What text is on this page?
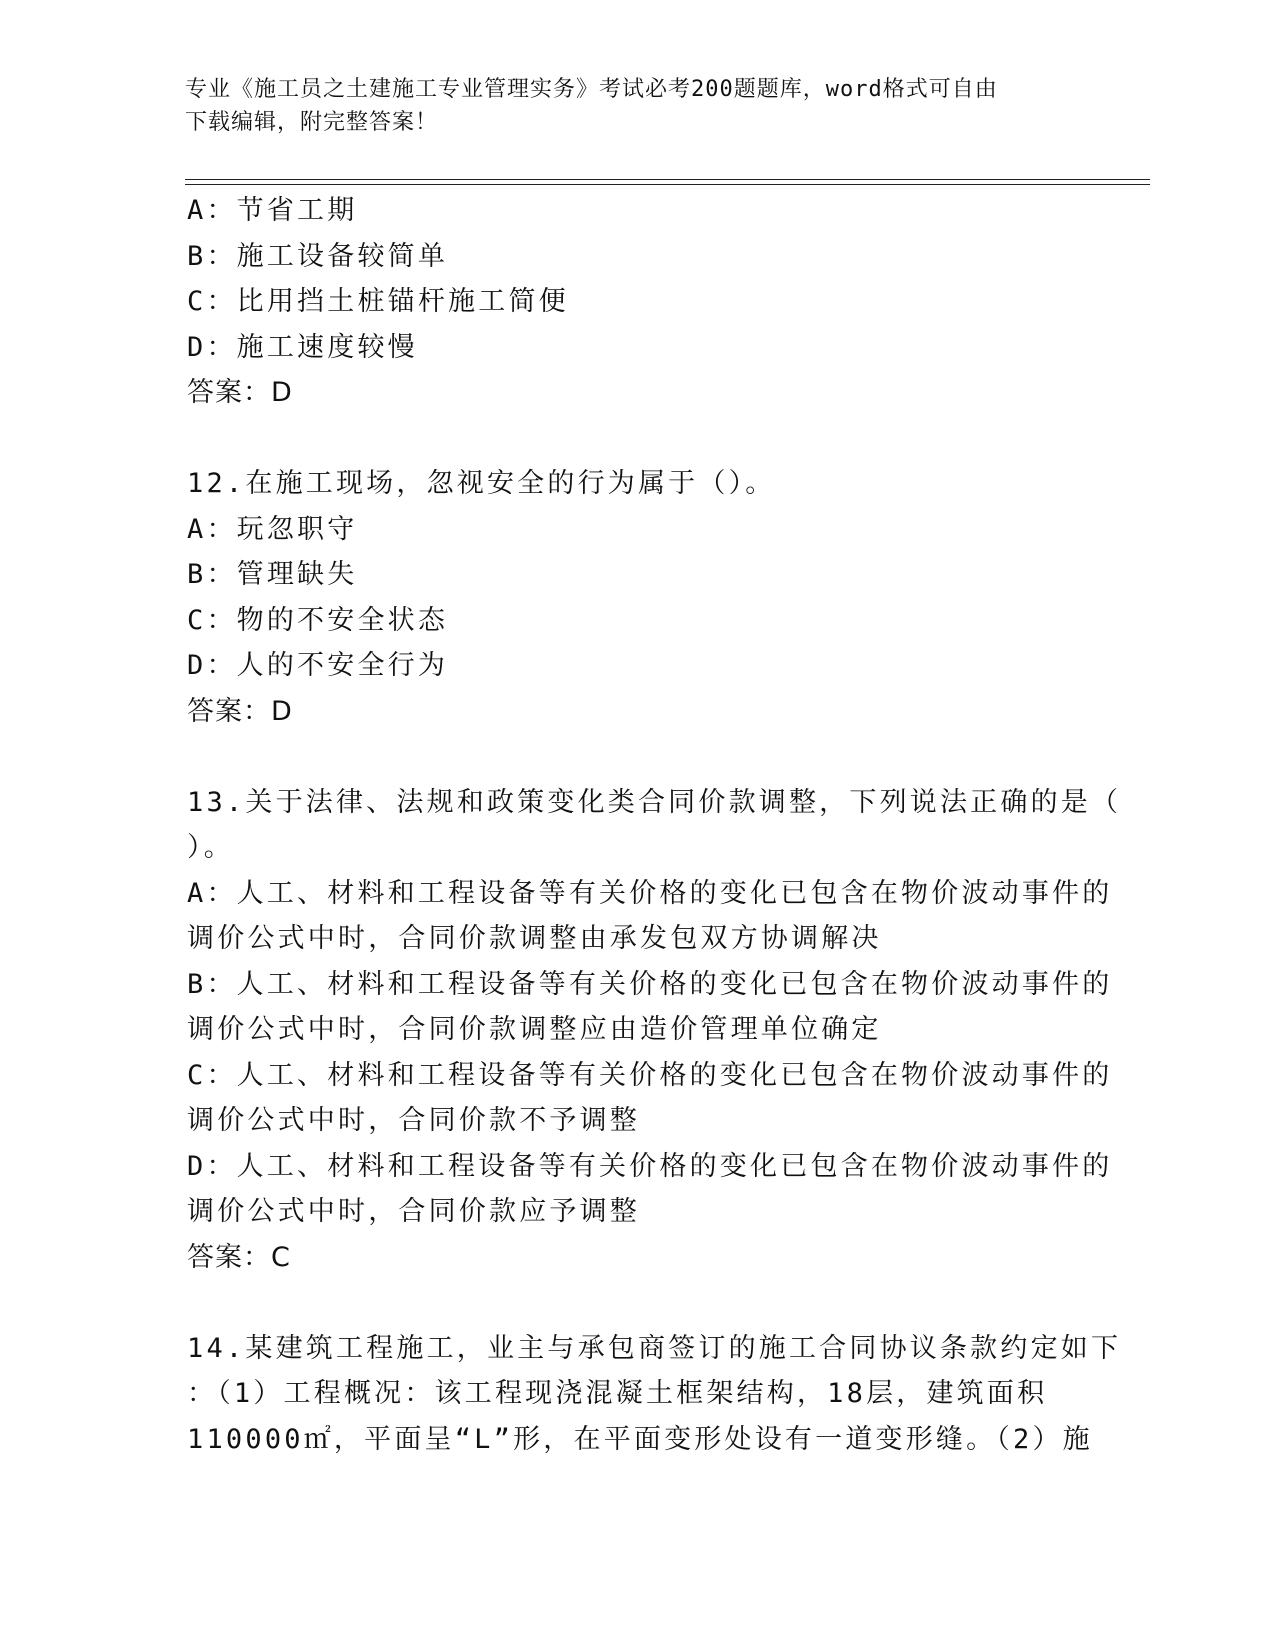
专业《施工员之土建施工专业管理实务》考试必考200题题库，word格式可自由
下载编辑，附完整答案！
A：节省工期
B：施工设备较简单
C：比用挡土桩锚杆施工简便
D：施工速度较慢
答案：D
12.在施工现场，忽视安全的行为属于（）。
A：玩忽职守
B：管理缺失
C：物的不安全状态
D：人的不安全行为
答案：D
13.关于法律、法规和政策变化类合同价款调整，下列说法正确的是（
）。
A：人工、材料和工程设备等有关价格的变化已包含在物价波动事件的
调价公式中时，合同价款调整由承发包双方协调解决
B：人工、材料和工程设备等有关价格的变化已包含在物价波动事件的
调价公式中时，合同价款调整应由造价管理单位确定
C：人工、材料和工程设备等有关价格的变化已包含在物价波动事件的
调价公式中时，合同价款不予调整
D：人工、材料和工程设备等有关价格的变化已包含在物价波动事件的
调价公式中时，合同价款应予调整
答案：C
14.某建筑工程施工，业主与承包商签订的施工合同协议条款约定如下
：（1）工程概况：该工程现浇混凝土框架结构，18层，建筑面积
110000㎡，平面呈“L”形，在平面变形处设有一道变形缝。（2）施
